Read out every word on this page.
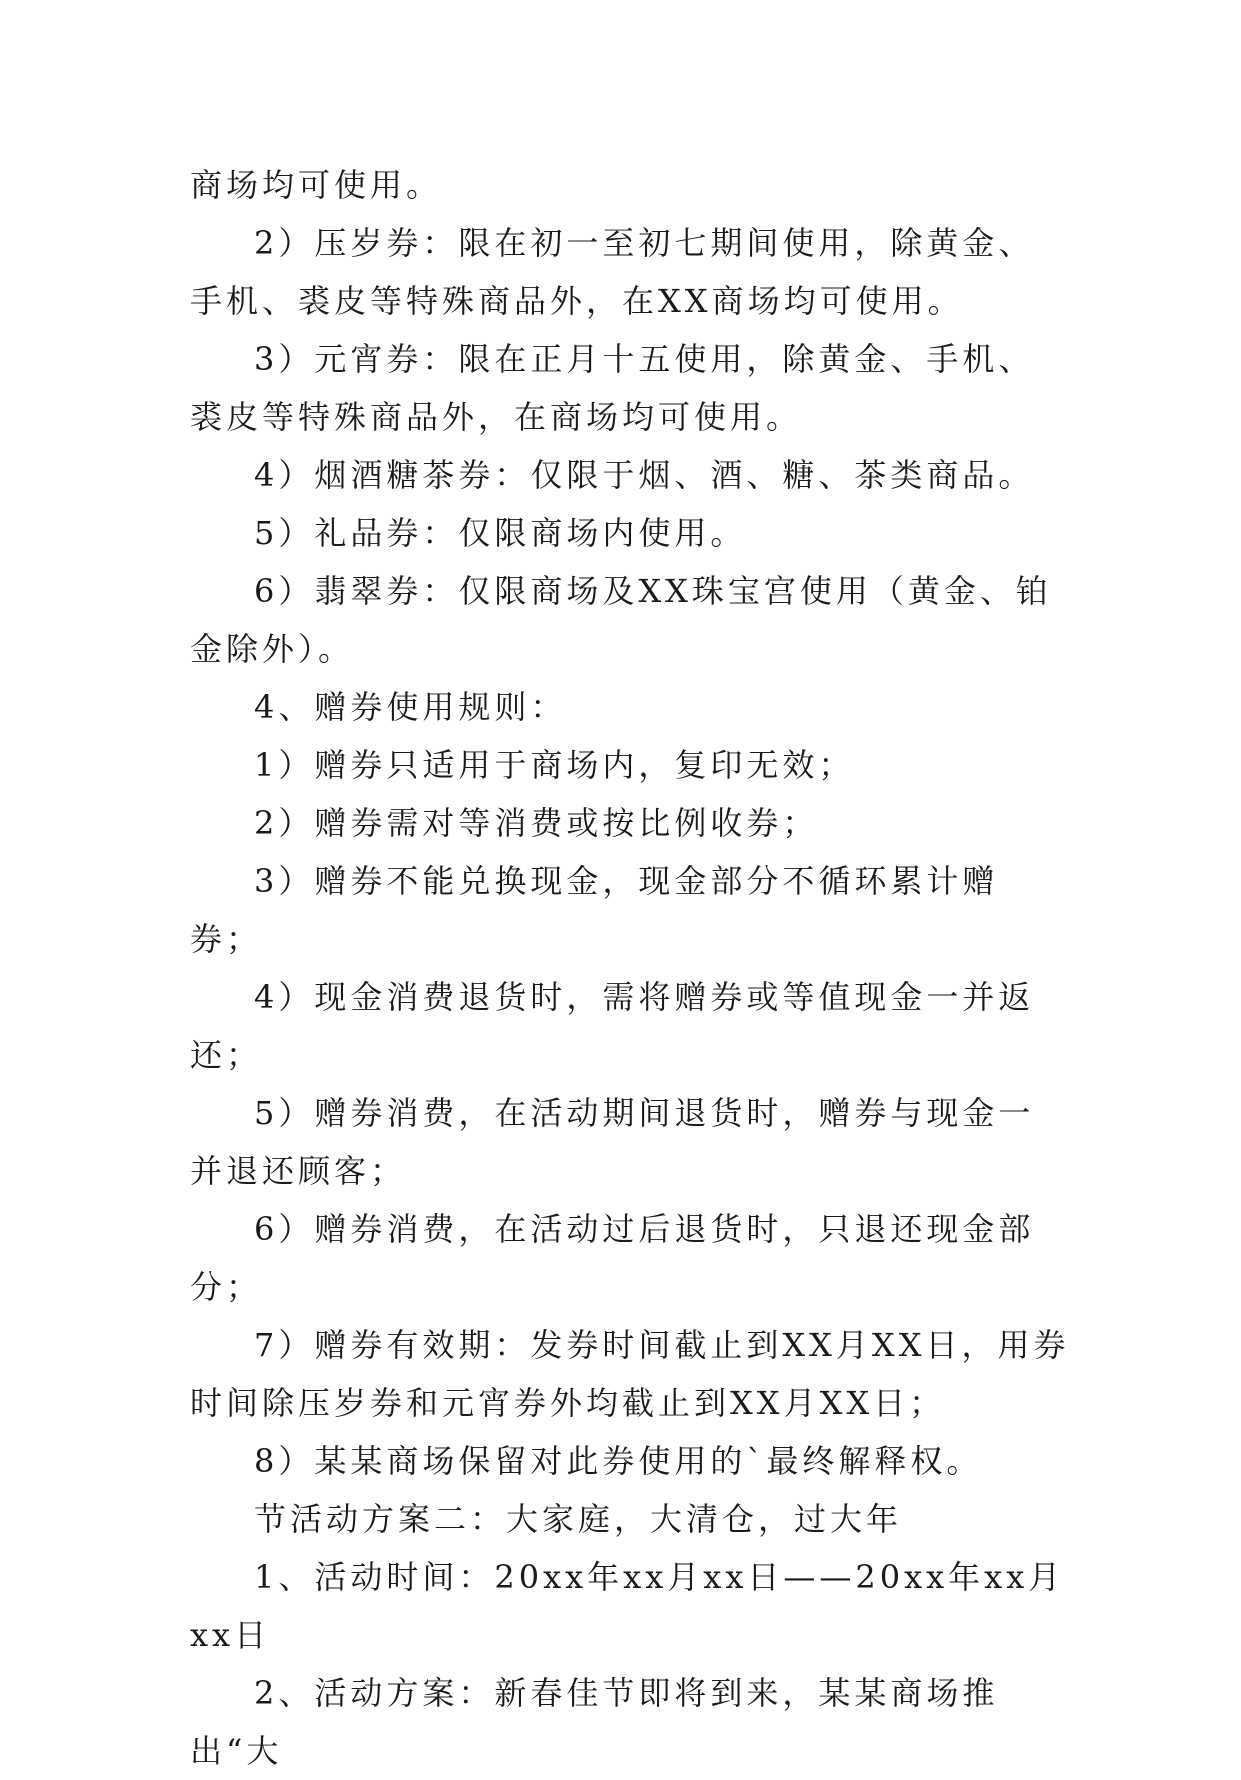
商场均可使用。

2）压岁券：限在初一至初七期间使用，除黄金、手机、裘皮等特殊商品外，在XX商场均可使用。

3）元宵券：限在正月十五使用，除黄金、手机、裘皮等特殊商品外，在商场均可使用。

4）烟酒糖茶券：仅限于烟、酒、糖、茶类商品。

5）礼品券：仅限商场内使用。

6）翡翠券：仅限商场及XX珠宝宫使用（黄金、铂金除外）。

4、赠券使用规则：

1）赠券只适用于商场内，复印无效；

2）赠券需对等消费或按比例收券；

3）赠券不能兑换现金，现金部分不循环累计赠券；

4）现金消费退货时，需将赠券或等值现金一并返还；

5）赠券消费，在活动期间退货时，赠券与现金一并退还顾客；

6）赠券消费，在活动过后退货时，只退还现金部分；

7）赠券有效期：发券时间截止到XX月XX日，用券时间除压岁券和元宵券外均截止到XX月XX日；

8）某某商场保留对此券使用的`最终解释权。

节活动方案二：大家庭，大清仓，过大年

1、活动时间：20xx年xx月xx日——20xx年xx月xx日

2、活动方案：新春佳节即将到来，某某商场推出“大
